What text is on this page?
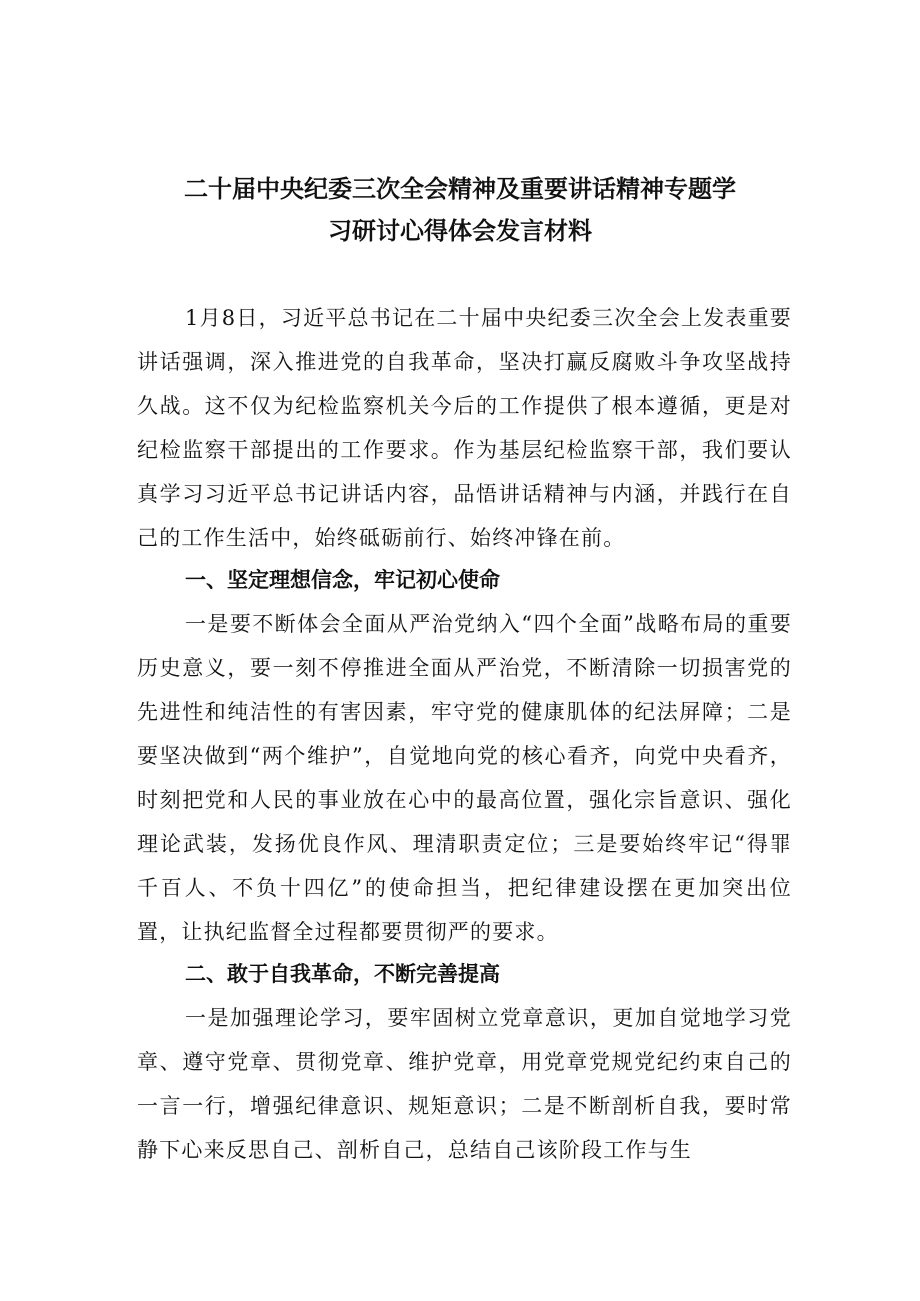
二十届中央纪委三次全会精神及重要讲话精神专题学
习研讨心得体会发言材料
1月8日，习近平总书记在二十届中央纪委三次全会上发表重要讲话强调，深入推进党的自我革命，坚决打赢反腐败斗争攻坚战持久战。这不仅为纪检监察机关今后的工作提供了根本遵循，更是对纪检监察干部提出的工作要求。作为基层纪检监察干部，我们要认真学习习近平总书记讲话内容，品悟讲话精神与内涵，并践行在自己的工作生活中，始终砥砺前行、始终冲锋在前。
一、坚定理想信念，牢记初心使命
一是要不断体会全面从严治党纳入“四个全面”战略布局的重要历史意义，要一刻不停推进全面从严治党，不断清除一切损害党的先进性和纯洁性的有害因素，牢守党的健康肌体的纪法屏障；二是要坚决做到“两个维护”，自觉地向党的核心看齐，向党中央看齐，时刻把党和人民的事业放在心中的最高位置，强化宗旨意识、强化理论武装，发扬优良作风、理清职责定位；三是要始终牢记“得罪千百人、不负十四亿”的使命担当，把纪律建设摆在更加突出位置，让执纪监督全过程都要贯彻严的要求。
二、敢于自我革命，不断完善提高
一是加强理论学习，要牢固树立党章意识，更加自觉地学习党章、遵守党章、贯彻党章、维护党章，用党章党规党纪约束自己的一言一行，增强纪律意识、规矩意识；二是不断剖析自我，要时常静下心来反思自己、剖析自己，总结自己该阶段工作与生
